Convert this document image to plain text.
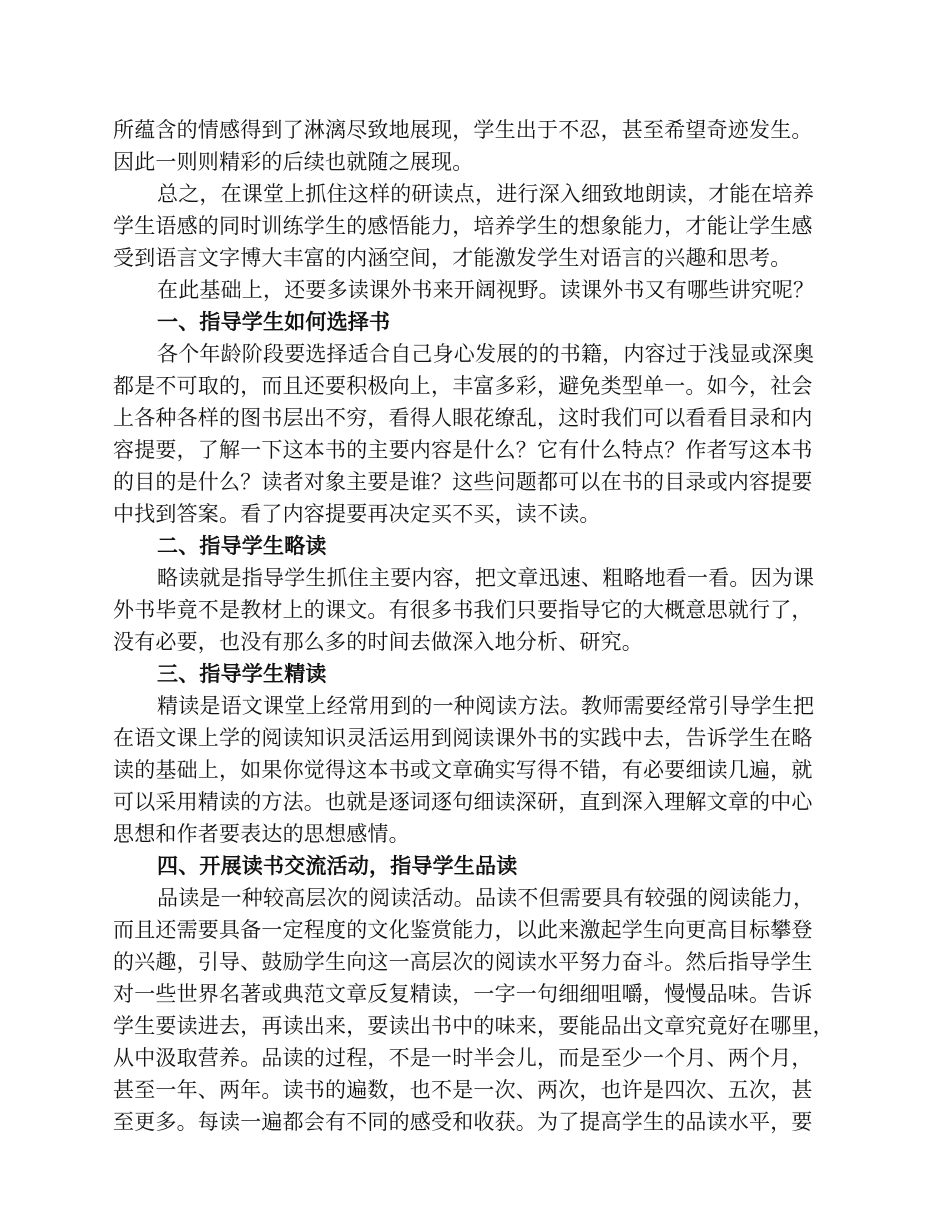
所蕴含的情感得到了淋漓尽致地展现，学生出于不忍，甚至希望奇迹发生。
因此一则则精彩的后续也就随之展现。
总之，在课堂上抓住这样的研读点，进行深入细致地朗读，才能在培养
学生语感的同时训练学生的感悟能力，培养学生的想象能力，才能让学生感
受到语言文字博大丰富的内涵空间，才能激发学生对语言的兴趣和思考。
在此基础上，还要多读课外书来开阔视野。读课外书又有哪些讲究呢？
一、指导学生如何选择书
各个年龄阶段要选择适合自己身心发展的的书籍，内容过于浅显或深奥
都是不可取的，而且还要积极向上，丰富多彩，避免类型单一。如今，社会
上各种各样的图书层出不穷，看得人眼花缭乱，这时我们可以看看目录和内
容提要，了解一下这本书的主要内容是什么？它有什么特点？作者写这本书
的目的是什么？读者对象主要是谁？这些问题都可以在书的目录或内容提要
中找到答案。看了内容提要再决定买不买，读不读。
二、指导学生略读
略读就是指导学生抓住主要内容，把文章迅速、粗略地看一看。因为课
外书毕竟不是教材上的课文。有很多书我们只要指导它的大概意思就行了，
没有必要，也没有那么多的时间去做深入地分析、研究。
三、指导学生精读
精读是语文课堂上经常用到的一种阅读方法。教师需要经常引导学生把
在语文课上学的阅读知识灵活运用到阅读课外书的实践中去，告诉学生在略
读的基础上，如果你觉得这本书或文章确实写得不错，有必要细读几遍，就
可以采用精读的方法。也就是逐词逐句细读深研，直到深入理解文章的中心
思想和作者要表达的思想感情。
四、开展读书交流活动，指导学生品读
品读是一种较高层次的阅读活动。品读不但需要具有较强的阅读能力，
而且还需要具备一定程度的文化鉴赏能力，以此来激起学生向更高目标攀登
的兴趣，引导、鼓励学生向这一高层次的阅读水平努力奋斗。然后指导学生
对一些世界名著或典范文章反复精读，一字一句细细咀嚼，慢慢品味。告诉
学生要读进去，再读出来，要读出书中的味来，要能品出文章究竟好在哪里，
从中汲取营养。品读的过程，不是一时半会儿，而是至少一个月、两个月，
甚至一年、两年。读书的遍数，也不是一次、两次，也许是四次、五次，甚
至更多。每读一遍都会有不同的感受和收获。为了提高学生的品读水平，要
